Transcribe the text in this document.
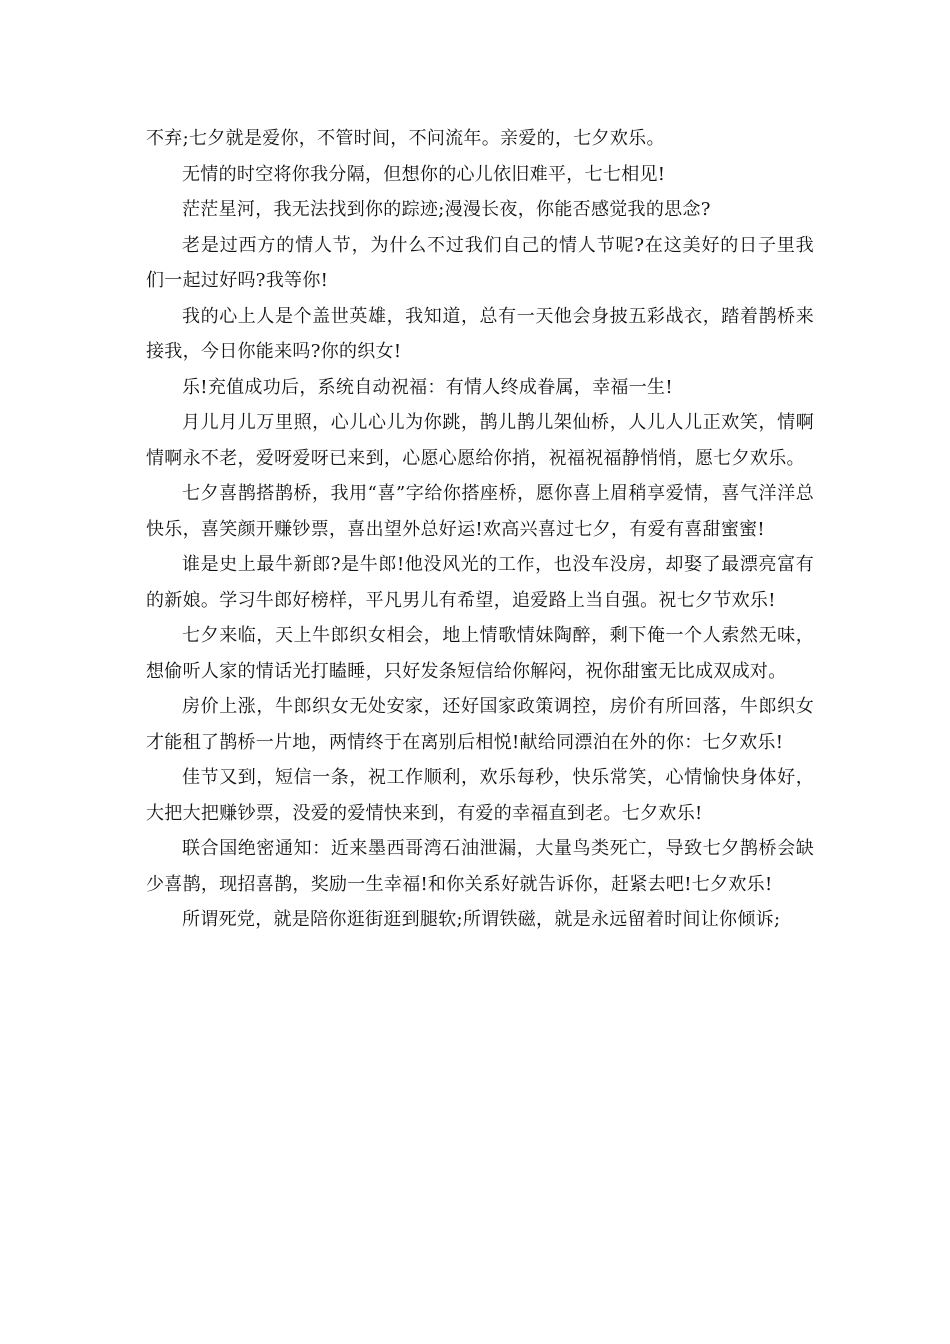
不弃;七夕就是爱你，不管时间，不问流年。亲爱的，七夕欢乐。

无情的时空将你我分隔，但想你的心儿依旧难平，七七相见!

茫茫星河，我无法找到你的踪迹;漫漫长夜，你能否感觉我的思念?

老是过西方的情人节，为什么不过我们自己的情人节呢?在这美好的日子里我们一起过好吗?我等你!

我的心上人是个盖世英雄，我知道，总有一天他会身披五彩战衣，踏着鹊桥来接我，今日你能来吗?你的织女!

乐!充值成功后，系统自动祝福：有情人终成眷属，幸福一生!

月儿月儿万里照，心儿心儿为你跳，鹊儿鹊儿架仙桥，人儿人儿正欢笑，情啊情啊永不老，爱呀爱呀已来到，心愿心愿给你捎，祝福祝福静悄悄，愿七夕欢乐。

七夕喜鹊搭鹊桥，我用“喜”字给你搭座桥，愿你喜上眉稍享爱情，喜气洋洋总快乐，喜笑颜开赚钞票，喜出望外总好运!欢高兴喜过七夕，有爱有喜甜蜜蜜!

谁是史上最牛新郎?是牛郎!他没风光的工作，也没车没房，却娶了最漂亮富有的新娘。学习牛郎好榜样，平凡男儿有希望，追爱路上当自强。祝七夕节欢乐!

七夕来临，天上牛郎织女相会，地上情歌情妹陶醉，剩下俺一个人索然无味，想偷听人家的情话光打瞌睡，只好发条短信给你解闷，祝你甜蜜无比成双成对。

房价上涨，牛郎织女无处安家，还好国家政策调控，房价有所回落，牛郎织女才能租了鹊桥一片地，两情终于在离别后相悦!献给同漂泊在外的你：七夕欢乐!

佳节又到，短信一条，祝工作顺利，欢乐每秒，快乐常笑，心情愉快身体好，大把大把赚钞票，没爱的爱情快来到，有爱的幸福直到老。七夕欢乐!

联合国绝密通知：近来墨西哥湾石油泄漏，大量鸟类死亡，导致七夕鹊桥会缺少喜鹊，现招喜鹊，奖励一生幸福!和你关系好就告诉你，赶紧去吧!七夕欢乐!

所谓死党，就是陪你逛街逛到腿软;所谓铁磁，就是永远留着时间让你倾诉;
